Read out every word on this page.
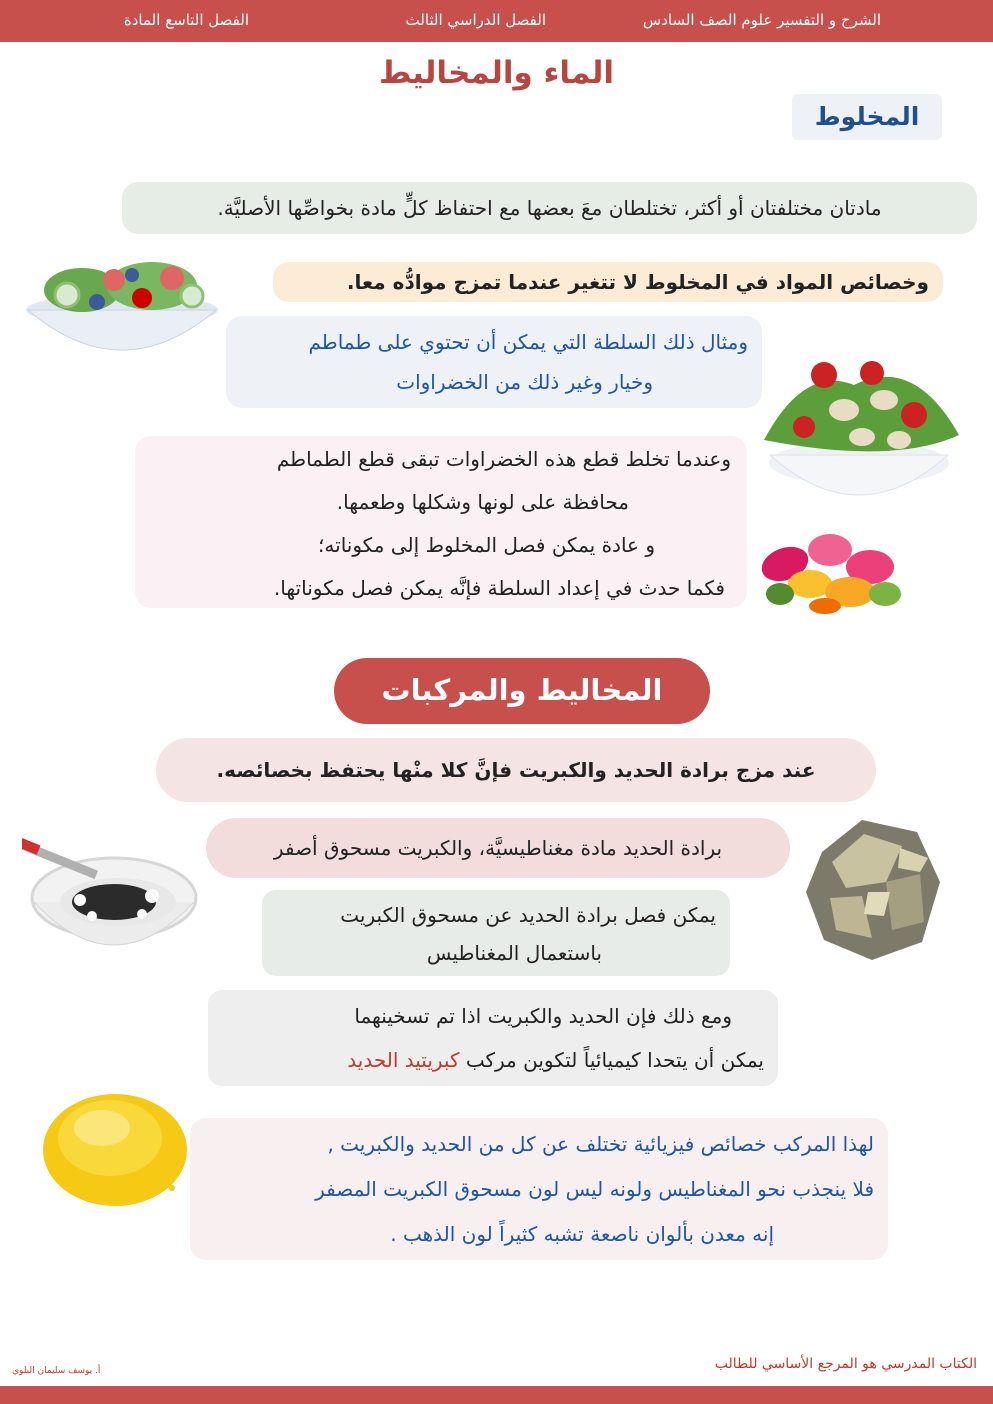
الشرح و التفسير علوم الصف السادس
الفصل الدراسي الثالث
الفصل التاسع المادة
الماء والمخاليط
المخلوط
مادتان مختلفتان أو أكثر، تختلطان معَ بعضها مع احتفاظ كلٍّ مادة بخواصِّها الأصليَّة.
وخصائص المواد في المخلوط لا تتغير عندما تمزج موادُّه معا.

ومثال ذلك السلطة التي يمكن أن تحتوي على طماطم

وخيار وغير ذلك من الخضراوات

وعندما تخلط قطع هذه الخضراوات تبقى قطع الطماطم

محافظة على لونها وشكلها وطعمها.

و عادة يمكن فصل المخلوط إلى مكوناته؛

فكما حدث في إعداد السلطة فإنَّه يمكن فصل مكوناتها.

المخاليط والمركبات
عند مزج برادة الحديد والكبريت فإنَّ كلا منْها يحتفظ بخصائصه.
برادة الحديد مادة مغناطيسيَّة، والكبريت مسحوق أصفر

يمكن فصل برادة الحديد عن مسحوق الكبريت

باستعمال المغناطيس

ومع ذلك فإن الحديد والكبريت اذا تم تسخينهما

يمكن أن يتحدا كيميائياً لتكوين مركب كبريتيد الحديد

لهذا المركب خصائص فيزيائية تختلف عن كل من الحديد والكبريت ,

فلا ينجذب نحو المغناطيس ولونه ليس لون مسحوق الكبريت المصفر

إنه معدن بألوان ناصعة تشبه كثيراً لون الذهب .

الكتاب المدرسي هو المرجع الأساسي للطالب
أ. يوسف سليمان البلوي
